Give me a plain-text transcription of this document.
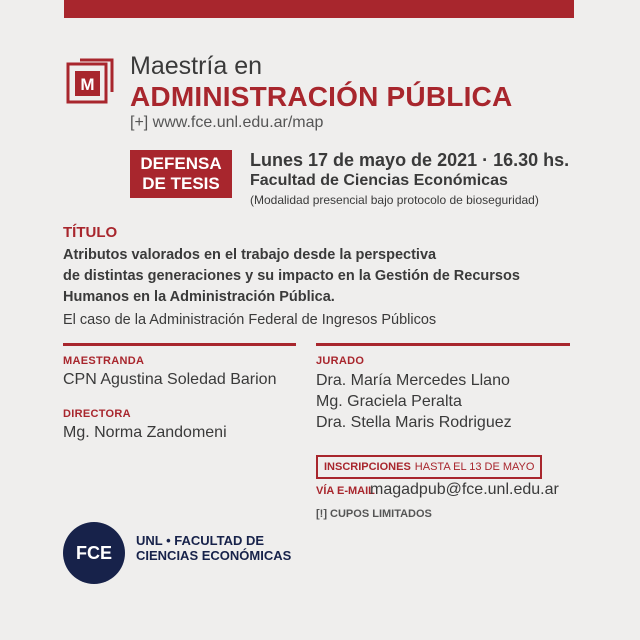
M
Maestría en
ADMINISTRACIÓN PÚBLICA
[+] www.fce.unl.edu.ar/map
DEFENSA
DE TESIS
Lunes 17 de mayo de 2021 · 16.30 hs.
Facultad de Ciencias Económicas
(Modalidad presencial bajo protocolo de bioseguridad)
TÍTULO
Atributos valorados en el trabajo desde la perspectiva
de distintas generaciones y su impacto en la Gestión de Recursos
Humanos en la Administración Pública.
El caso de la Administración Federal de Ingresos Públicos
MAESTRANDA
CPN Agustina Soledad Barion
DIRECTORA
Mg. Norma Zandomeni
JURADO
Dra. María Mercedes Llano
Mg. Graciela Peralta
Dra. Stella Maris Rodriguez
INSCRIPCIONES HASTA EL 13 DE MAYO
VÍA E-MAIL
magadpub@fce.unl.edu.ar
[!] CUPOS LIMITADOS
FCE
UNL • FACULTAD DE
CIENCIAS ECONÓMICAS
